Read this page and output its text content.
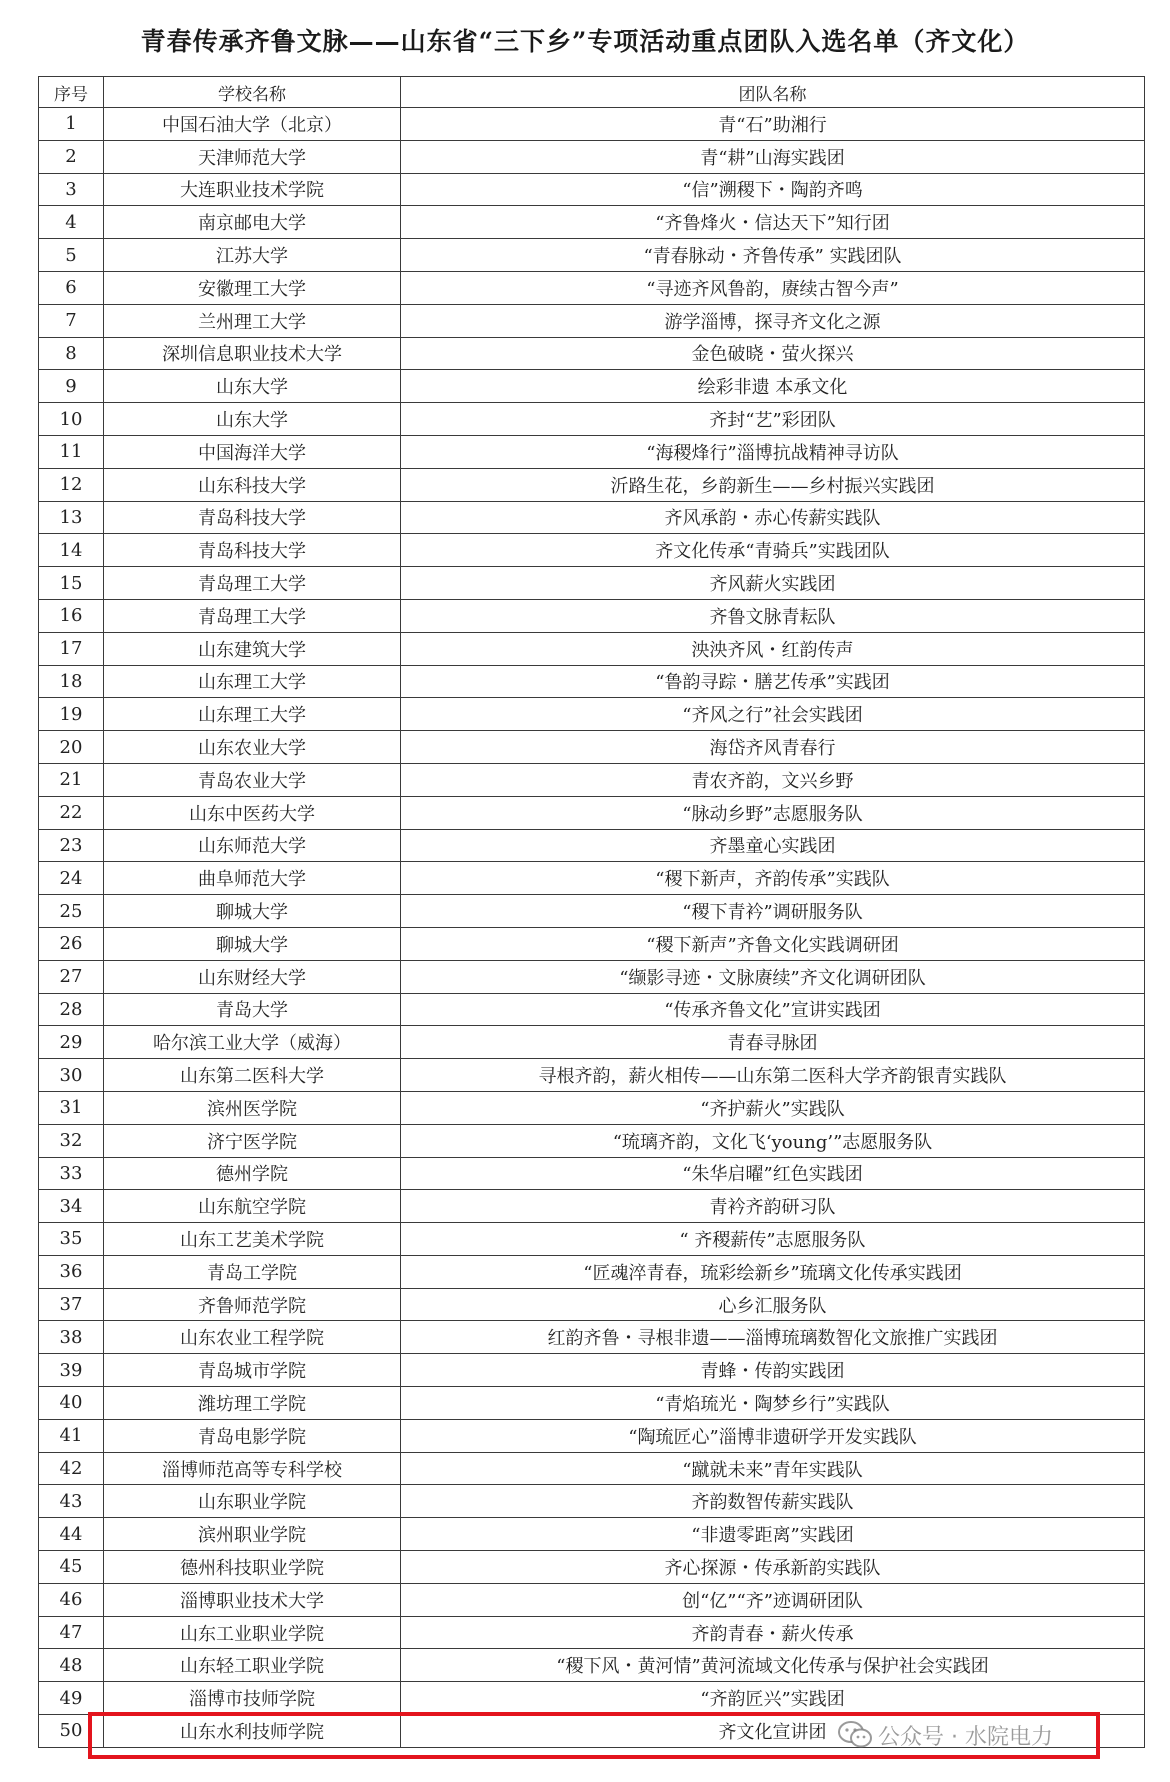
青春传承齐鲁文脉——山东省“三下乡”专项活动重点团队入选名单（齐文化）
序号	学校名称	团队名称
1	中国石油大学（北京）	青“石”助湘行
2	天津师范大学	青“耕”山海实践团
3	大连职业技术学院	“信”溯稷下・陶韵齐鸣
4	南京邮电大学	“齐鲁烽火・信达天下”知行团
5	江苏大学	“青春脉动・齐鲁传承” 实践团队
6	安徽理工大学	“寻迹齐风鲁韵，赓续古智今声”
7	兰州理工大学	游学淄博，探寻齐文化之源
8	深圳信息职业技术大学	金色破晓・萤火探兴
9	山东大学	绘彩非遗 本承文化
10	山东大学	齐封“艺”彩团队
11	中国海洋大学	“海稷烽行”淄博抗战精神寻访队
12	山东科技大学	沂路生花，乡韵新生——乡村振兴实践团
13	青岛科技大学	齐风承韵・赤心传薪实践队
14	青岛科技大学	齐文化传承“青骑兵”实践团队
15	青岛理工大学	齐风薪火实践团
16	青岛理工大学	齐鲁文脉青耘队
17	山东建筑大学	泱泱齐风・红韵传声
18	山东理工大学	“鲁韵寻踪・膳艺传承”实践团
19	山东理工大学	“齐风之行”社会实践团
20	山东农业大学	海岱齐风青春行
21	青岛农业大学	青农齐韵，文兴乡野
22	山东中医药大学	“脉动乡野”志愿服务队
23	山东师范大学	齐墨童心实践团
24	曲阜师范大学	“稷下新声，齐韵传承”实践队
25	聊城大学	“稷下青衿”调研服务队
26	聊城大学	“稷下新声”齐鲁文化实践调研团
27	山东财经大学	“缬影寻迹・文脉赓续”齐文化调研团队
28	青岛大学	“传承齐鲁文化”宣讲实践团
29	哈尔滨工业大学（威海）	青春寻脉团
30	山东第二医科大学	寻根齐韵，薪火相传——山东第二医科大学齐韵银青实践队
31	滨州医学院	“齐护薪火”实践队
32	济宁医学院	“琉璃齐韵，文化飞‘young’”志愿服务队
33	德州学院	“朱华启曜”红色实践团
34	山东航空学院	青衿齐韵研习队
35	山东工艺美术学院	“ 齐稷薪传”志愿服务队
36	青岛工学院	“匠魂淬青春，琉彩绘新乡”琉璃文化传承实践团
37	齐鲁师范学院	心乡汇服务队
38	山东农业工程学院	红韵齐鲁・寻根非遗——淄博琉璃数智化文旅推广实践团
39	青岛城市学院	青蜂・传韵实践团
40	潍坊理工学院	“青焰琉光・陶梦乡行”实践队
41	青岛电影学院	“陶琉匠心”淄博非遗研学开发实践队
42	淄博师范高等专科学校	“蹴就未来”青年实践队
43	山东职业学院	齐韵数智传薪实践队
44	滨州职业学院	“非遗零距离”实践团
45	德州科技职业学院	齐心探源・传承新韵实践队
46	淄博职业技术大学	创“亿”“齐”迹调研团队
47	山东工业职业学院	齐韵青春・薪火传承
48	山东轻工职业学院	“稷下风・黄河情”黄河流域文化传承与保护社会实践团
49	淄博市技师学院	“齐韵匠兴”实践团
50	山东水利技师学院	齐文化宣讲团 公众号 · 水院电力
